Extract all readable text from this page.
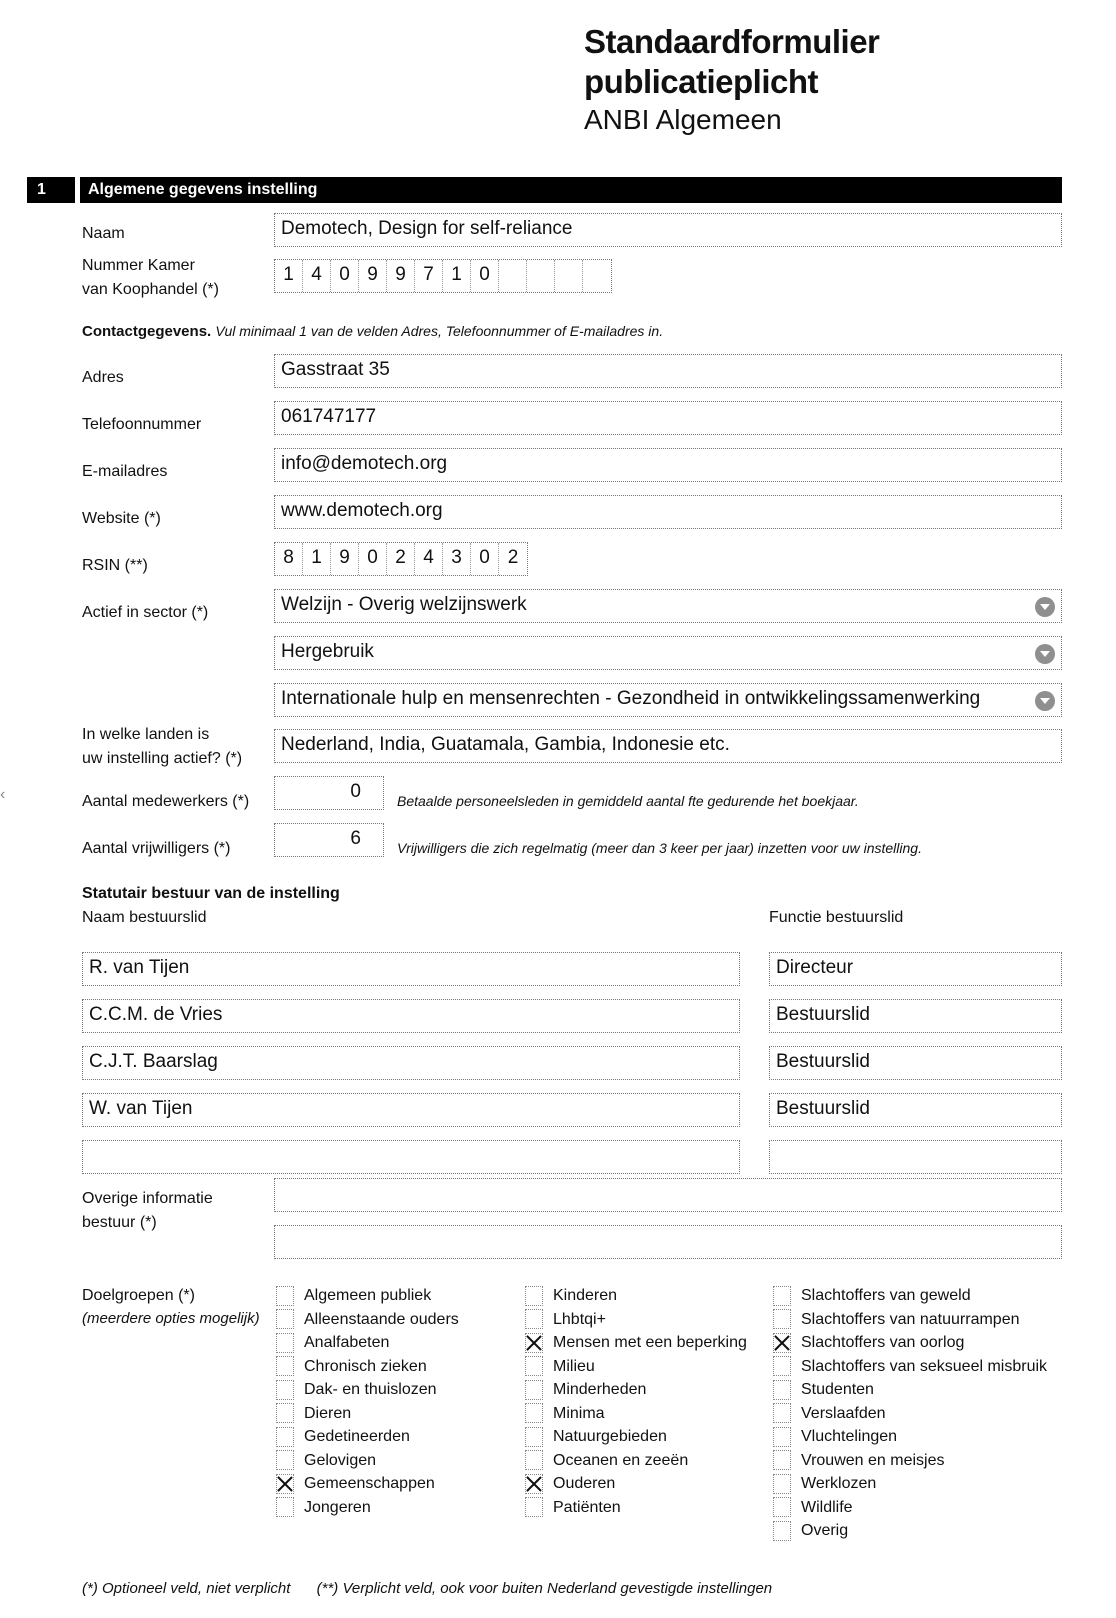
Standaardformulier
publicatieplicht
ANBI Algemeen
1	Algemene gegevens instelling
Naam	Demotech, Design for self-reliance
Nummer Kamer
van Koophandel (*)
1 4 0 9 9 7 1 0
Contactgegevens. Vul minimaal 1 van de velden Adres, Telefoonnummer of E-mailadres in.
Adres	Gasstraat 35
Telefoonnummer	061747177
E-mailadres	info@demotech.org
Website (*)	www.demotech.org
RSIN (**)	8 1 9 0 2 4 3 0 2
Actief in sector (*)	Welzijn - Overig welzijnswerk
Hergebruik
Internationale hulp en mensenrechten - Gezondheid in ontwikkelingssamenwerking
In welke landen is
uw instelling actief? (*)
Nederland, India, Guatamala, Gambia, Indonesie etc.
Aantal medewerkers (*)	0	Betaalde personeelsleden in gemiddeld aantal fte gedurende het boekjaar.
Aantal vrijwilligers (*)	6	Vrijwilligers die zich regelmatig (meer dan 3 keer per jaar) inzetten voor uw instelling.
‹
Statutair bestuur van de instelling
Naam bestuurslid	Functie bestuurslid
R. van Tijen	Directeur
C.C.M. de Vries	Bestuurslid
C.J.T. Baarslag	Bestuurslid
W. van Tijen	Bestuurslid
Overige informatie
bestuur (*)
Doelgroepen (*)
(meerdere opties mogelijk)
Algemeen publiek
Alleenstaande ouders
Analfabeten
Chronisch zieken
Dak- en thuislozen
Dieren
Gedetineerden
Gelovigen
Gemeenschappen
Jongeren
Kinderen
Lhbtqi+
Mensen met een beperking
Milieu
Minderheden
Minima
Natuurgebieden
Oceanen en zeeën
Ouderen
Patiënten
Slachtoffers van geweld
Slachtoffers van natuurrampen
Slachtoffers van oorlog
Slachtoffers van seksueel misbruik
Studenten
Verslaafden
Vluchtelingen
Vrouwen en meisjes
Werklozen
Wildlife
Overig
(*) Optioneel veld, niet verplicht (**) Verplicht veld, ook voor buiten Nederland gevestigde instellingen
